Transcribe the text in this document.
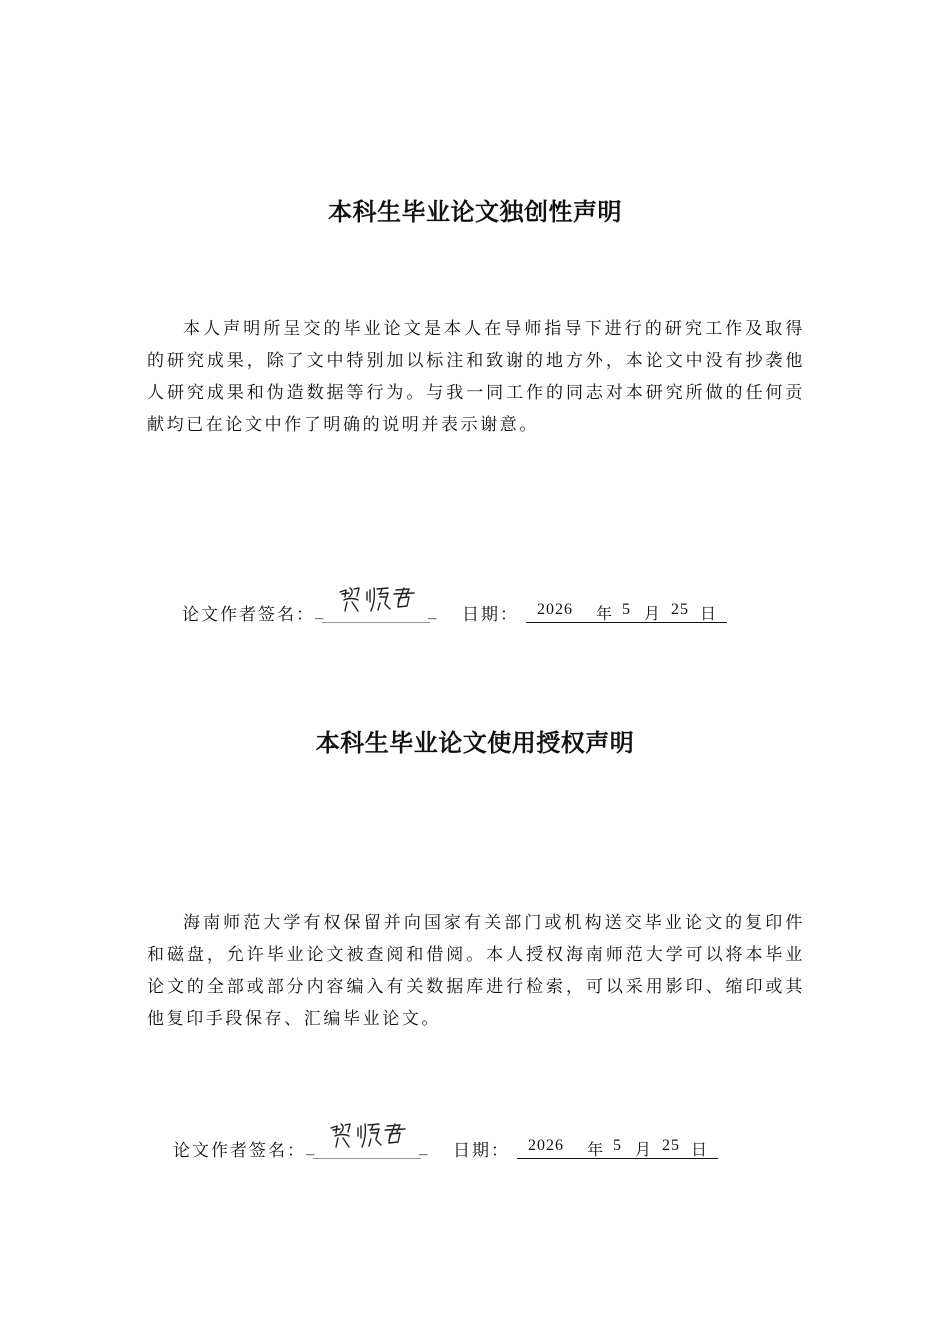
本科生毕业论文独创性声明
本人声明所呈交的毕业论文是本人在导师指导下进行的研究工作及取得的研究成果，除了文中特别加以标注和致谢的地方外，本论文中没有抄袭他人研究成果和伪造数据等行为。与我一同工作的同志对本研究所做的任何贡献均已在论文中作了明确的说明并表示谢意。
论文作者签名： _	_ 日期： 2026 年 5 月 25 日
本科生毕业论文使用授权声明
海南师范大学有权保留并向国家有关部门或机构送交毕业论文的复印件和磁盘，允许毕业论文被查阅和借阅。本人授权海南师范大学可以将本毕业论文的全部或部分内容编入有关数据库进行检索，可以采用影印、缩印或其他复印手段保存、汇编毕业论文。
论文作者签名： _	_ 日期： 2026 年 5 月 25 日
